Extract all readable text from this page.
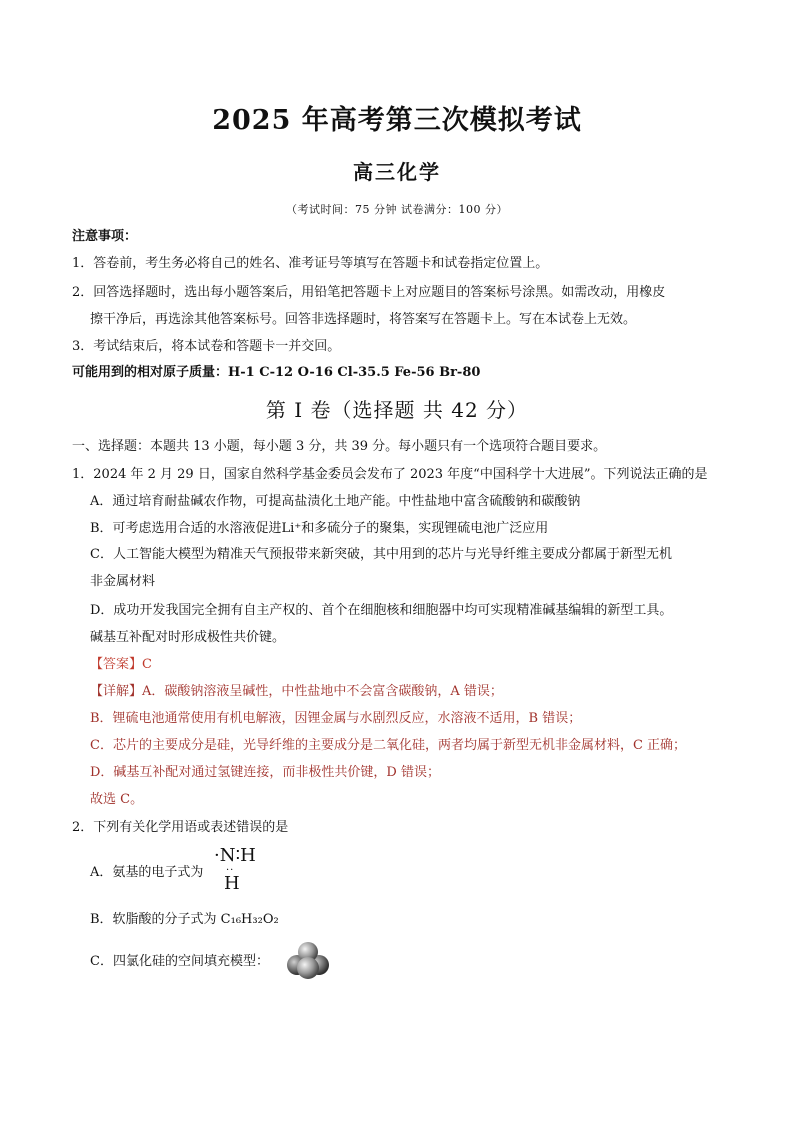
2025 年高考第三次模拟考试
高三化学
（考试时间：75 分钟 试卷满分：100 分）
注意事项：
1．答卷前，考生务必将自己的姓名、准考证号等填写在答题卡和试卷指定位置上。
2．回答选择题时，选出每小题答案后，用铅笔把答题卡上对应题目的答案标号涂黑。如需改动，用橡皮
擦干净后，再选涂其他答案标号。回答非选择题时，将答案写在答题卡上。写在本试卷上无效。
3．考试结束后，将本试卷和答题卡一并交回。
可能用到的相对原子质量：H-1 C-12 O-16 Cl-35.5 Fe-56 Br-80
第 I 卷（选择题 共 42 分）
一、选择题：本题共 13 小题，每小题 3 分，共 39 分。每小题只有一个选项符合题目要求。
1．2024 年 2 月 29 日，国家自然科学基金委员会发布了 2023 年度“中国科学十大进展”。下列说法正确的是
A．通过培育耐盐碱农作物，可提高盐渍化土地产能。中性盐地中富含硫酸钠和碳酸钠
B．可考虑选用合适的水溶液促进Li⁺和多硫分子的聚集，实现锂硫电池广泛应用
C．人工智能大模型为精准天气预报带来新突破，其中用到的芯片与光导纤维主要成分都属于新型无机
非金属材料
D．成功开发我国完全拥有自主产权的、首个在细胞核和细胞器中均可实现精准碱基编辑的新型工具。
碱基互补配对时形成极性共价键。
【答案】C
【详解】A．碳酸钠溶液呈碱性，中性盐地中不会富含碳酸钠，A 错误；
B．锂硫电池通常使用有机电解液，因锂金属与水剧烈反应，水溶液不适用，B 错误；
C．芯片的主要成分是硅，光导纤维的主要成分是二氧化硅，两者均属于新型无机非金属材料，C 正确；
D．碱基互补配对通过氢键连接，而非极性共价键，D 错误；
故选 C。
2．下列有关化学用语或表述错误的是
A．氨基的电子式为
·N∶H
··
H
B．软脂酸的分子式为 C₁₆H₃₂O₂
C．四氯化硅的空间填充模型：
